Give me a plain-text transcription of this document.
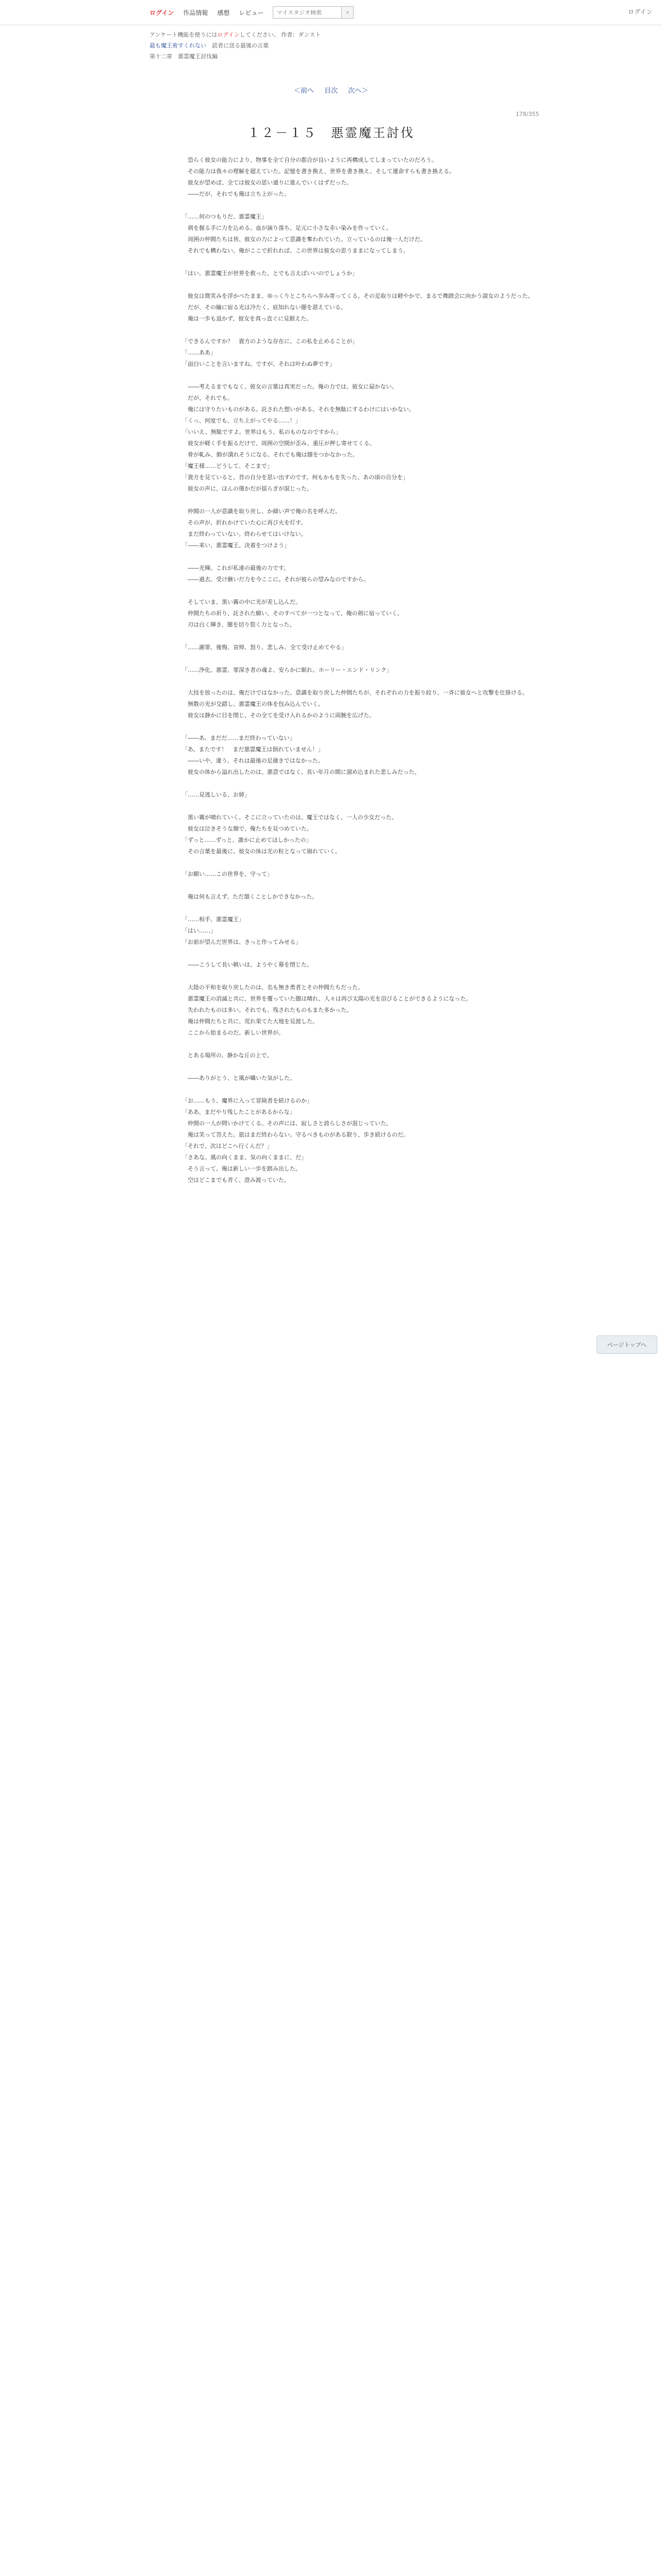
ログイン 作品情報 感想 レビュー
マイスタジオ検索	⌕	ログイン
アンケート機能を使うにはログインしてください。 作者：ダンスト
最も魔王術すくれない　 読者に送る最後の言葉
第十二章　悪霊魔王討伐編
＜前へ 目次 次へ＞
178/355
１２－１５　悪霊魔王討伐

　恐らく彼女の能力により、物事を全て自分の都合が良いように再構成してしまっていたのだろう。

　その能力は我々の理解を超えていた。記憶を書き換え、世界を書き換え、そして運命すらも書き換える。

　彼女が望めば、全ては彼女の思い通りに進んでいくはずだった。

　――だが、それでも俺は立ち上がった。

「……何のつもりだ、悪霊魔王」

　剣を握る手に力を込める。血が滴り落ち、足元に小さな赤い染みを作っていく。

　周囲の仲間たちは皆、彼女の力によって意識を奪われていた。立っているのは俺一人だけだ。

　それでも構わない。俺がここで折れれば、この世界は彼女の思うままになってしまう。

「はい。悪霊魔王が世界を救った、とでも言えばいいのでしょうか」

　彼女は微笑みを浮かべたまま、ゆっくりとこちらへ歩み寄ってくる。その足取りは軽やかで、まるで舞踏会に向かう淑女のようだった。

　だが、その瞳に宿る光は冷たく、底知れない闇を湛えている。

　俺は一歩も退かず、彼女を真っ直ぐに見据えた。

「できるんですか？　貴方のような存在に、この私を止めることが」

「……ああ」

「面白いことを言いますね。ですが、それは叶わぬ夢です」

　――考えるまでもなく、彼女の言葉は真実だった。俺の力では、彼女に届かない。

　だが、それでも。

　俺には守りたいものがある。託された想いがある。それを無駄にするわけにはいかない。

「くっ、何度でも、立ち上がってやる……！」

「いいえ、無駄ですよ。世界はもう、私のものなのですから」

　彼女が軽く手を振るだけで、周囲の空間が歪み、重圧が押し寄せてくる。

　骨が軋み、肺が潰れそうになる。それでも俺は膝をつかなかった。

「魔王様……どうして、そこまで」

「貴方を見ていると、昔の自分を思い出すのです。何もかもを失った、あの頃の自分を」

　彼女の声に、ほんの僅かだが揺らぎが混じった。

　仲間の一人が意識を取り戻し、か細い声で俺の名を呼んだ。

　その声が、折れかけていた心に再び火を灯す。

　まだ終わっていない。終わらせてはいけない。

「――来い、悪霊魔王。決着をつけよう」

　――光輝。これが私達の最後の力です。

　――過去。受け継いだ力を今ここに。それが彼らの望みなのですから。

　そしていま、黒い霧の中に光が差し込んだ。

　仲間たちの祈り、託された願い、そのすべてが一つとなって、俺の剣に宿っていく。

　刃は白く輝き、闇を切り裂く力となった。

「……謝罪、後悔、哀悼、怒り、悲しみ、全て受け止めてやる」

「……浄化、悪霊、罪深き者の魂よ、安らかに眠れ。ホーリー・エンド・リンク」

　大技を放ったのは、俺だけではなかった。意識を取り戻した仲間たちが、それぞれの力を振り絞り、一斉に彼女へと攻撃を仕掛ける。

　無数の光が交錯し、悪霊魔王の体を包み込んでいく。

　彼女は静かに目を閉じ、その全てを受け入れるかのように両腕を広げた。

「――あ、まだだ……まだ終わっていない」

「あ、またです！　まだ悪霊魔王は倒れていません！」

　――いや、違う。それは最後の足掻きではなかった。

　彼女の体から溢れ出したのは、悪意ではなく、長い年月の間に溜め込まれた悲しみだった。

「……見逃しいる、お姉」

　黒い霧が晴れていく。そこに立っていたのは、魔王ではなく、一人の少女だった。

　彼女は泣きそうな顔で、俺たちを見つめていた。

「ずっと……ずっと、誰かに止めてほしかったの」

　その言葉を最後に、彼女の体は光の粒となって崩れていく。

「お願い……この世界を、守って」

　俺は何も言えず、ただ頷くことしかできなかった。

「……相手、悪霊魔王」

「はい……」

「お前が望んだ世界は、きっと作ってみせる」

　――こうして長い戦いは、ようやく幕を閉じた。

　大陸の平和を取り戻したのは、名も無き勇者とその仲間たちだった。

　悪霊魔王の消滅と共に、世界を覆っていた闇は晴れ、人々は再び太陽の光を浴びることができるようになった。

　失われたものは多い。それでも、残されたものもまた多かった。

　俺は仲間たちと共に、荒れ果てた大地を見渡した。

　ここから始まるのだ。新しい世界が。

　とある場所の、静かな丘の上で。

　――ありがとう、と風が囁いた気がした。

「お……もう、魔界に入って冒険者を続けるのか」

「ああ、まだやり残したことがあるからな」

　仲間の一人が問いかけてくる。その声には、寂しさと誇らしさが混じっていた。

　俺は笑って答えた。旅はまだ終わらない。守るべきものがある限り、歩き続けるのだ。

「それで、次はどこへ行くんだ？」

「さあな。風の向くまま、気の向くままに、だ」

　そう言って、俺は新しい一歩を踏み出した。

　空はどこまでも青く、澄み渡っていた。

ページトップへ
